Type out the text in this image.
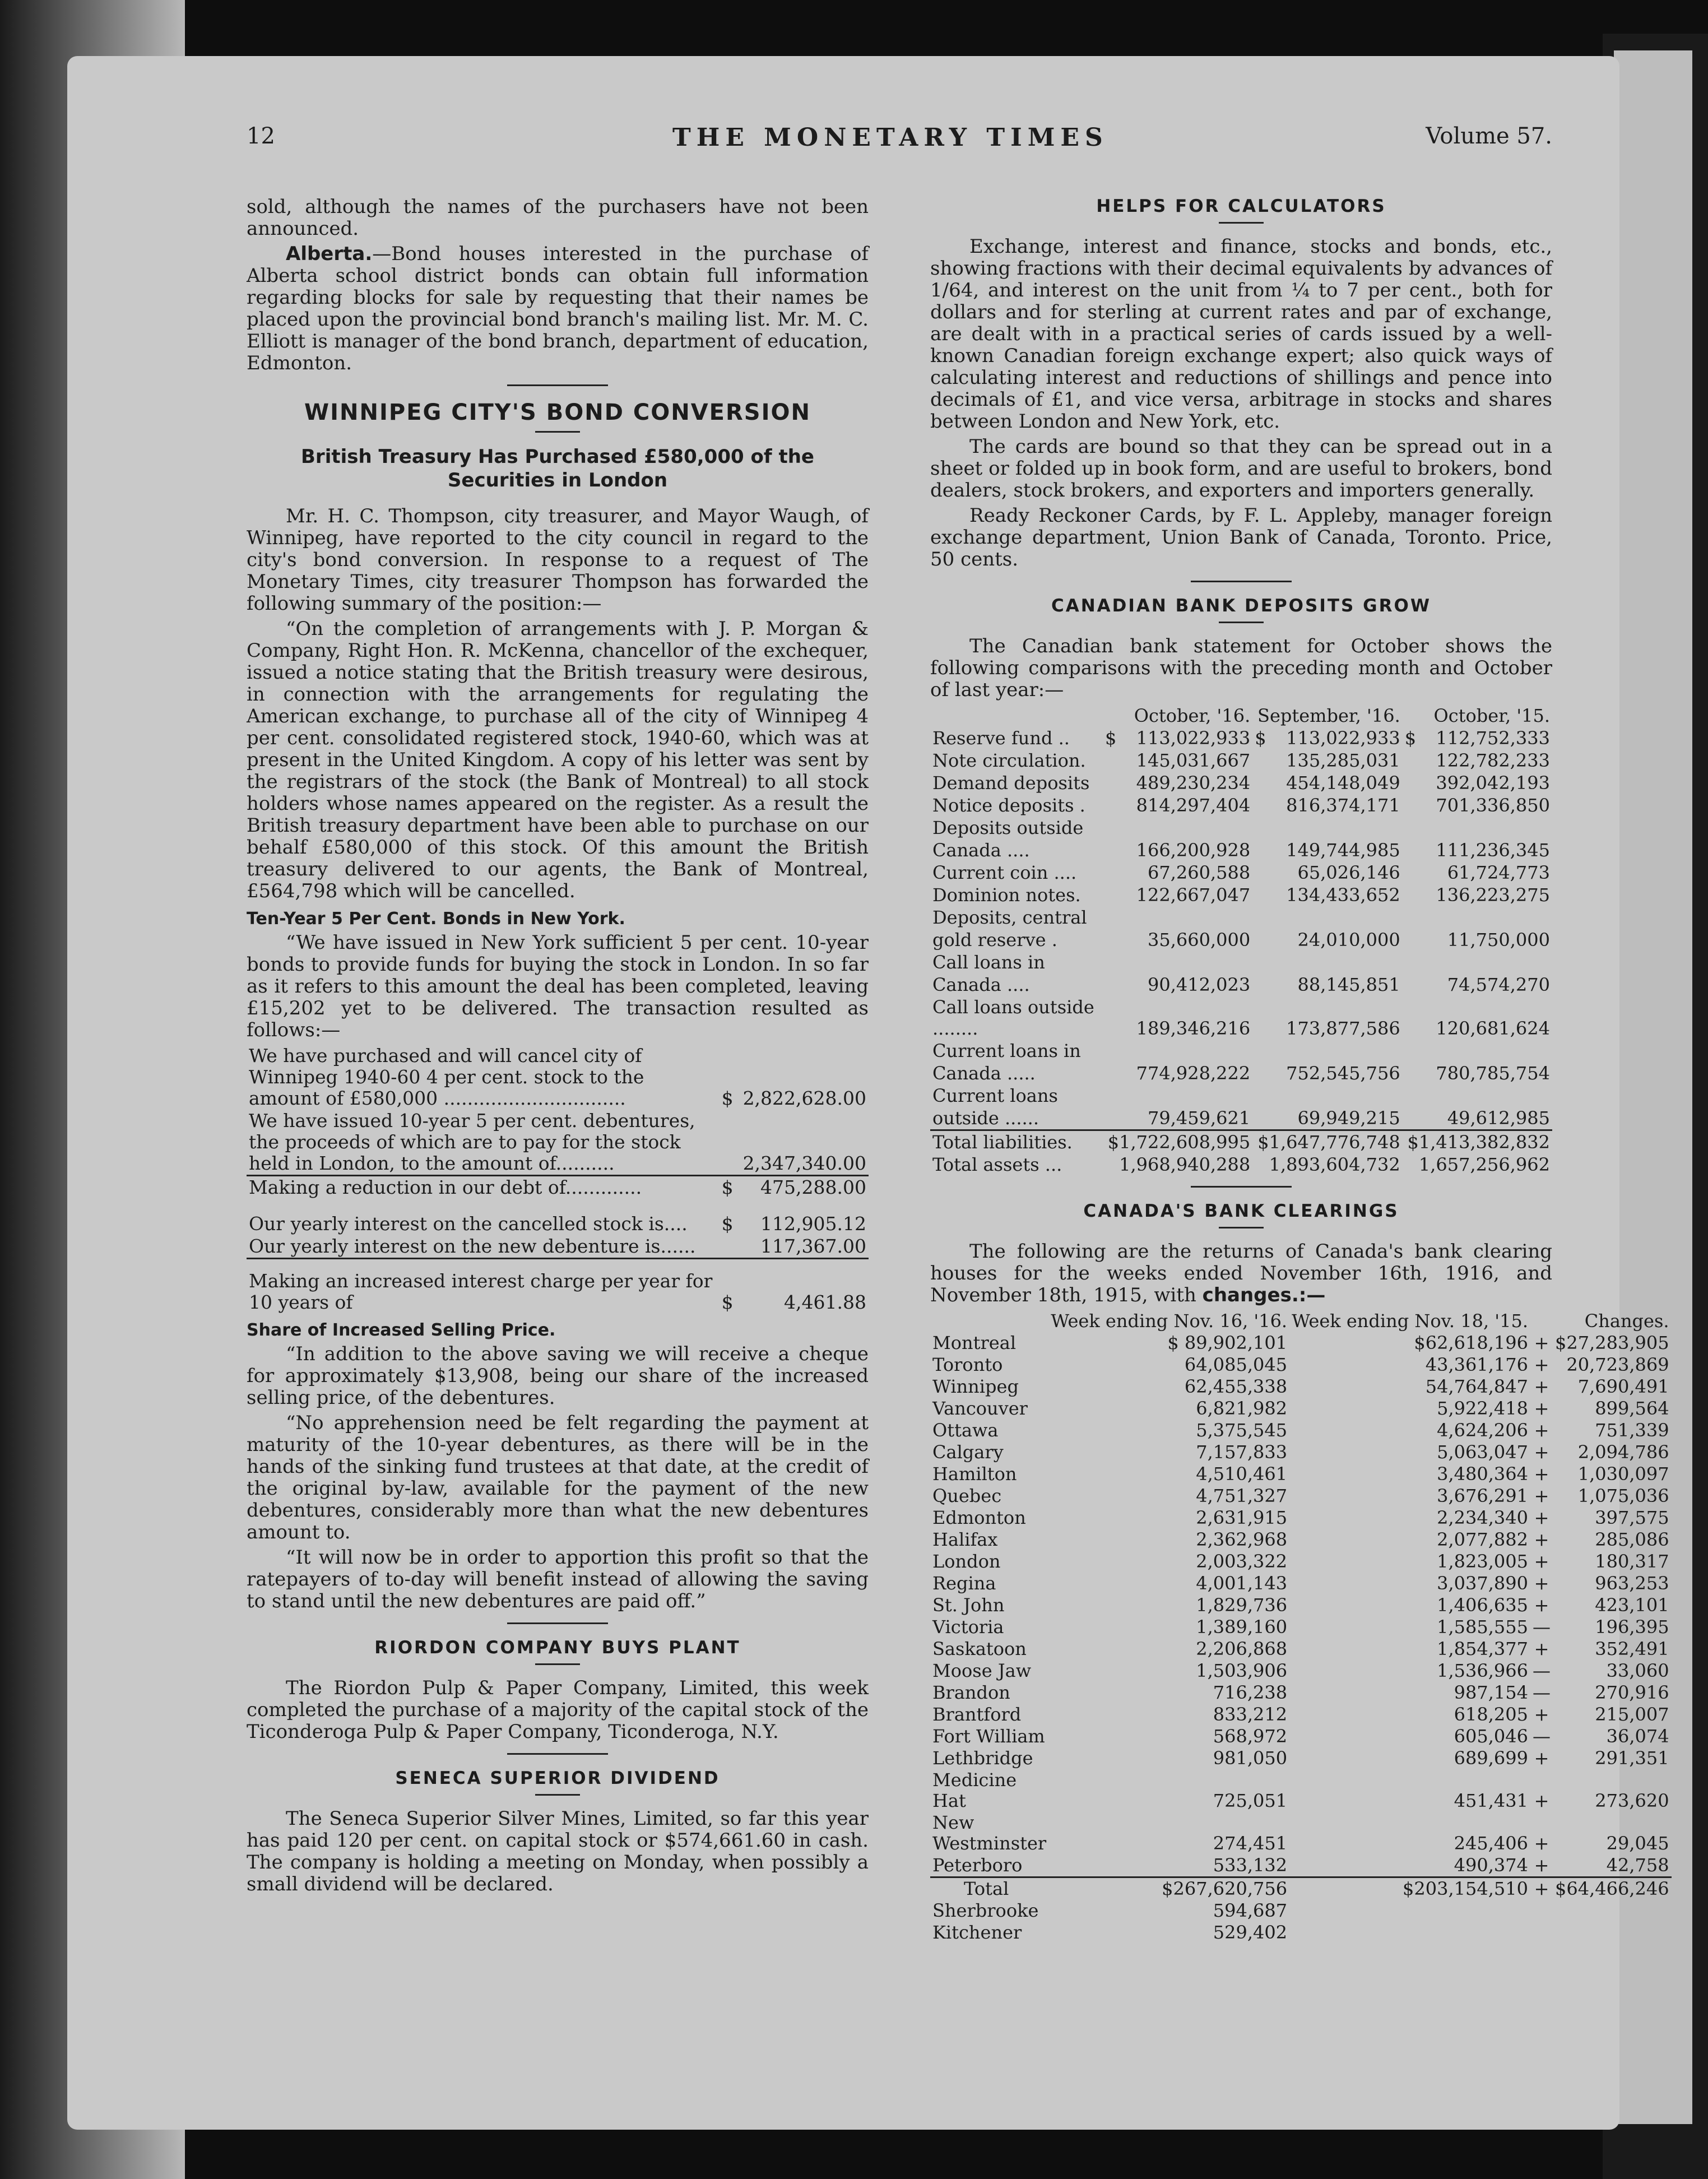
12	THE MONETARY TIMES	Volume 57.

sold, although the names of the purchasers have not been announced.

Alberta.—Bond houses interested in the purchase of Alberta school district bonds can obtain full information regarding blocks for sale by requesting that their names be placed upon the provincial bond branch's mailing list. Mr. M. C. Elliott is manager of the bond branch, department of education, Edmonton.

WINNIPEG CITY'S BOND CONVERSION
British Treasury Has Purchased £580,000 of the Securities in London

Mr. H. C. Thompson, city treasurer, and Mayor Waugh, of Winnipeg, have reported to the city council in regard to the city's bond conversion. In response to a request of The Monetary Times, city treasurer Thompson has forwarded the following summary of the position:—

“On the completion of arrangements with J. P. Morgan & Company, Right Hon. R. McKenna, chancellor of the exchequer, issued a notice stating that the British treasury were desirous, in connection with the arrangements for regulating the American exchange, to purchase all of the city of Winnipeg 4 per cent. consolidated registered stock, 1940-60, which was at present in the United Kingdom. A copy of his letter was sent by the registrars of the stock (the Bank of Montreal) to all stock holders whose names appeared on the register. As a result the British treasury department have been able to purchase on our behalf £580,000 of this stock. Of this amount the British treasury delivered to our agents, the Bank of Montreal, £564,798 which will be cancelled.

Ten-Year 5 Per Cent. Bonds in New York.

“We have issued in New York sufficient 5 per cent. 10-year bonds to provide funds for buying the stock in London. In so far as it refers to this amount the deal has been completed, leaving £15,202 yet to be delivered. The transaction resulted as follows:—

We have purchased and will cancel city of Winnipeg 1940-60 4 per cent. stock to the amount of £580,000 ...............................	$	2,822,628.00
We have issued 10-year 5 per cent. debentures, the proceeds of which are to pay for the stock held in London, to the amount of..........		2,347,340.00
Making a reduction in our debt of.............	$	475,288.00
Our yearly interest on the cancelled stock is....	$	112,905.12
Our yearly interest on the new debenture is......		117,367.00
Making an increased interest charge per year for 10 years of	$	4,461.88
Share of Increased Selling Price.

“In addition to the above saving we will receive a cheque for approximately $13,908, being our share of the increased selling price, of the debentures.

“No apprehension need be felt regarding the payment at maturity of the 10-year debentures, as there will be in the hands of the sinking fund trustees at that date, at the credit of the original by-law, available for the payment of the new debentures, considerably more than what the new debentures amount to.

“It will now be in order to apportion this profit so that the ratepayers of to-day will benefit instead of allowing the saving to stand until the new debentures are paid off.”

RIORDON COMPANY BUYS PLANT

The Riordon Pulp & Paper Company, Limited, this week completed the purchase of a majority of the capital stock of the Ticonderoga Pulp & Paper Company, Ticonderoga, N.Y.

SENECA SUPERIOR DIVIDEND

The Seneca Superior Silver Mines, Limited, so far this year has paid 120 per cent. on capital stock or $574,661.60 in cash. The company is holding a meeting on Monday, when possibly a small dividend will be declared.

HELPS FOR CALCULATORS

Exchange, interest and finance, stocks and bonds, etc., showing fractions with their decimal equivalents by advances of 1/64, and interest on the unit from ¼ to 7 per cent., both for dollars and for sterling at current rates and par of exchange, are dealt with in a practical series of cards issued by a well-known Canadian foreign exchange expert; also quick ways of calculating interest and reductions of shillings and pence into decimals of £1, and vice versa, arbitrage in stocks and shares between London and New York, etc.

The cards are bound so that they can be spread out in a sheet or folded up in book form, and are useful to brokers, bond dealers, stock brokers, and exporters and importers generally.

Ready Reckoner Cards, by F. L. Appleby, manager foreign exchange department, Union Bank of Canada, Toronto. Price, 50 cents.

CANADIAN BANK DEPOSITS GROW

The Canadian bank statement for October shows the following comparisons with the preceding month and October of last year:—

	October, '16.		September, '16.		October, '15.	
Reserve fund ..	$	113,022,933	$	113,022,933	$	112,752,333
Note circulation.		145,031,667		135,285,031		122,782,233
Demand deposits		489,230,234		454,148,049		392,042,193
Notice deposits .		814,297,404		816,374,171		701,336,850
Deposits outside						
Canada ....		166,200,928		149,744,985		111,236,345
Current coin ....		67,260,588		65,026,146		61,724,773
Dominion notes.		122,667,047		134,433,652		136,223,275
Deposits, central						
gold reserve .		35,660,000		24,010,000		11,750,000
Call loans in						
Canada ....		90,412,023		88,145,851		74,574,270
Call loans outside ........		189,346,216		173,877,586		120,681,624
Current loans in						
Canada .....		774,928,222		752,545,756		780,785,754
Current loans						
outside ......		79,459,621		69,949,215		49,612,985
Total liabilities.	$1,722,608,995		$1,647,776,748		$1,413,382,832	
Total assets ...	1,968,940,288		1,893,604,732		1,657,256,962	
CANADA'S BANK CLEARINGS

The following are the returns of Canada's bank clearing houses for the weeks ended November 16th, 1916, and November 18th, 1915, with changes.:—

	Week ending Nov. 16, '16.	Week ending Nov. 18, '15.		Changes.
Montreal	$ 89,902,101	$62,618,196	+	$27,283,905
Toronto	64,085,045	43,361,176	+	20,723,869
Winnipeg	62,455,338	54,764,847	+	7,690,491
Vancouver	6,821,982	5,922,418	+	899,564
Ottawa	5,375,545	4,624,206	+	751,339
Calgary	7,157,833	5,063,047	+	2,094,786
Hamilton	4,510,461	3,480,364	+	1,030,097
Quebec	4,751,327	3,676,291	+	1,075,036
Edmonton	2,631,915	2,234,340	+	397,575
Halifax	2,362,968	2,077,882	+	285,086
London	2,003,322	1,823,005	+	180,317
Regina	4,001,143	3,037,890	+	963,253
St. John	1,829,736	1,406,635	+	423,101
Victoria	1,389,160	1,585,555	—	196,395
Saskatoon	2,206,868	1,854,377	+	352,491
Moose Jaw	1,503,906	1,536,966	—	33,060
Brandon	716,238	987,154	—	270,916
Brantford	833,212	618,205	+	215,007
Fort William	568,972	605,046	—	36,074
Lethbridge	981,050	689,699	+	291,351
Medicine Hat	725,051	451,431	+	273,620
New Westminster	274,451	245,406	+	29,045
Peterboro	533,132	490,374	+	42,758
Total	$267,620,756	$203,154,510	+	$64,466,246
Sherbrooke	594,687			
Kitchener	529,402			
